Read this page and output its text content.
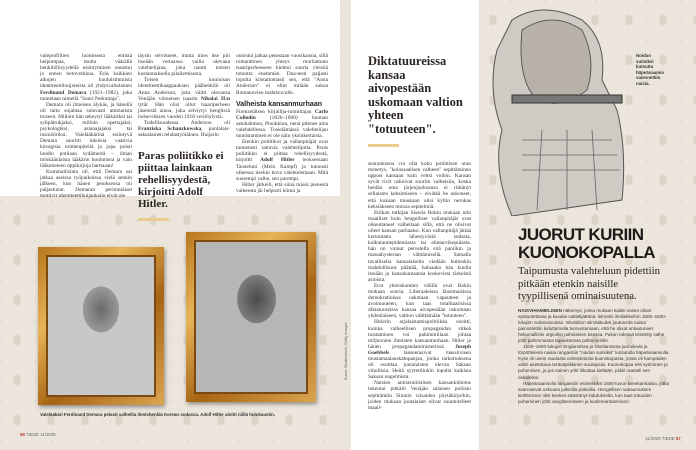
valeprofiilien luomisesta entistä helpompaa, mutta väärällä henkilöllisyydellä esiintyminen onnistui jo ennen tietoverkkoa. Eräs kaikkien aikojen kuuluisimmista identiteettihuijareista oli yhdysvaltalainen Ferdinand Demara (1921–1982), joka tunnetaan nimellä "Suuri Petkuttaja".

Demara oli ilmeisen älykäs, ja hänellä oli taito sujahtaa sulavasti ammatista toiseen. Milloin hän tekeytyi lääkäriksi tai sylipätrukjaksi, milloin opettajaksi, psykologiksi, asianajajaksi tai insinööriksi. Valelääkärinä esiintyvä Demara suoritti lukuisia vaativia kirurgisia toimenpiteitä ja jopa poisti luodin potilaan sydämestä – ilman minkäänlaista lääkärin koulutusta ja vain lääketieteen oppikirjoja harttaaan!

Kummallisinta oli, että Demara sai jatkaa aseissa työpaikoissa vielä senkin jälkeen, kun hänen petoksensa oli paljastunut. Demaran perimmäiset motiivit identiteettihuijauksiin eivät ole

täysin selvinneet, mutta mies itse piti itseään vertaansa vailla olevana valehtelijana, joka nautti toisten kustannuksella pilailemisesta.

Toisen kuuluisan identiteettikaappauksen päähenkilö oli Anna Anderson, joka väitti olevansa Venäjän viimeisen tsaarin Nikolai II:n tytär. Hän olisi ollut tsaariperheen jäsenistä ainoa, joka selviytyi henglissä bolsevikkien vuoden 1918 verilöylystä.

Todellisuudessa Anderson oli Franziska Schanzkowska, puolalais-saksalainen tehdastyöläinen. Huijarin

Paras poliitikko ei piittaa lainkaan rehellisyydestä, kirjoitti Adolf Hitler.

onnistui jatkaa petostaan vuosikausia, sillä romanttinen yhteys murhattuun tsaariperheeseen kiehtoi suurta yleisöä totuutta enemmän. Dna-testi paljasti lopulta kiistattomasti sen, että "Anna Anderson" ei ollut mitään sukua Romanovien mahtisuvulle.

Valheista kansanmurhaan

Firenzeläisen kirjailija-toimittajan Carlo Collodin (1826–1890) luoman satuhahmon, Pinokkion, nenä pitenee aina valehdellessa. Tosielämässä valehtelijan tunnistaminen ei ole näin yksinkertaista.

Etenkin poliitikot ja vallanpitäjät ovat tunnetusti taitavia valehtelijoita. Paras poliitikko ei piittaa rehellisyydestä, kirjoitti Adolf Hitler teoksessaan Taisteluni (Mein Kampf) ja tunnusti olleensa itsekin kova valehtelemaan. Mitä suurempi valhe, sen parempi.

Hitler järkeili, että siinä missä pienestä valheesta jäi helposti kiinni ja

Valelääkäri Ferdinand Demara pelasti valheilla ihmishenkiä Korean sodassa. Adolf Hitler aloitti niillä holokaustin.
56 TIEDE 11/2025
Kuvat: Shutterstock, Getty Images
Diktatuureissa kansaa aivopestään uskomaan valtion yhteen "totuuteen".

seurauksena voi olla koko poliittisen uran menetys, "kolossaalisen valheen" sepittäminen upposi kansaan kuin veitsi voihin. Kansan syvät rivit uskoivat suuriin valheisiin, koska heidän oma järjenjuoksunsa ei riittänyt sellaisten keksimiseen – eivätkä he uskoneet, että kukaan muukaan olisi kyllin nerokas keksiäkseen moisia sepitelmiä.

Etiikan tutkijan Sissela Bokin mukaan niin maalliset kuin hengelliset vallanpitäjät ovat oikeuttaneet valheitaan sillä, että ne olisivat olleet kansan parhaaksi. Kun vallanpitäjä jättää kertomatta lähestyvästä sodasta, kulkutautiepidemiasta tai elintarvikepulasta, hän on voinut perustella sitä paniikin ja massahysterian välttämisellä. Samalla tavalliselta kansalaiselta viedään kuitenkin mahdollisuus päättää, haluaako hän kuulla itseään ja kansakuntaansa koskevista tärkeistä asioista.

Erot yhteiskuntien välillä ovat Bokin mukaan suuria. Liberaaleissa länsimaisissa demokratioissa uskotaan vapauteen ja avoimuuteen, kun taas totalitaarisissa diktatuureissa kansaa aivopestään uskomaan yhdenlaiseen, valtion välittämään "totuuteen".

Hitlerin arjalaistamispolitiikka osoitti, kuinka valheellisen propagandan sitkeä toistaminen voi pahimmillaan johtaa miljoonien ihmisten kansanmurhaan. Hitler ja hänen propagandaministerinsä Joseph Goebbels lanseerasivat massiivisen mustamaalauskampanjan, jonka tarkoituksena oli osoittaa juutalaisten olevan Saksan vihollisia. Heitä syytettiinkin lopulta kaikista Saksan ongelmista.

Natsien antisemitistinen kansankiihotus tukeutui pitkälti Venäjän salaisen poliisin sepittämiin Siionin viisaiden pöytäkirjoihin, joiden mukaan juutalaiset olivat suunnitelleet maail-

Noidan suitsiksi kutsuttu häpeänaamio vaiennettiin naisia.
JUORUT KURIIN KUONOKOPALLA
Taipumusta valehteluun pidettiin pitkään etenkin naisille tyypillisenä ominaisuutena.

NAISVIHAMIELINEN näkemys, jonka mukaan kaikki naiset olivat epäluotettavia ja kavalia vaittelijättäriä, leimahti ilmiliekkeihin 1500–1600-lukujen noitavainoissa. Inkvisition silmätikuiksi joutuneita naisia painostettiin kiduttamalla tunnustamaan, että he olivat antautuneet hekumallisiin orgioihin paholaisen kanssa. Pakon edessä kiristetty valhe johti pahimmassa tapauksessa polttoroviolle.

1500–1600-lukujen Englannissa ja Skotlannissa juoruilevia ja lörpötteleviä naisia rangaistiin "noidan suitsiksi" kutsutulla häpeänaamiolla. Kyse oli usein raudasta valmistetusta kuonokopasta, jossa oli hampaiden väliin asetettava teräväpiikkinen suukapula. Kuonokoppa esti syöminen ja puhumisen, ja jos nainen yritti liikuttaa kieltään, piikki raasteli sen riekaleiksi.

Häpeänaamiolla rangaistiin esimerkiksi 1600-luvun kveekarinaisia, jotka saarnasivat uskoaan julkisilla paikoilla. Hengellisen vakaumuksen kieltäminen olisi kenties säästänyt kidutukselta, kun taas totuuden puhuminen johti vangitsemiseen ja kuolemantuomioon.

11/2025 TIEDE 57
